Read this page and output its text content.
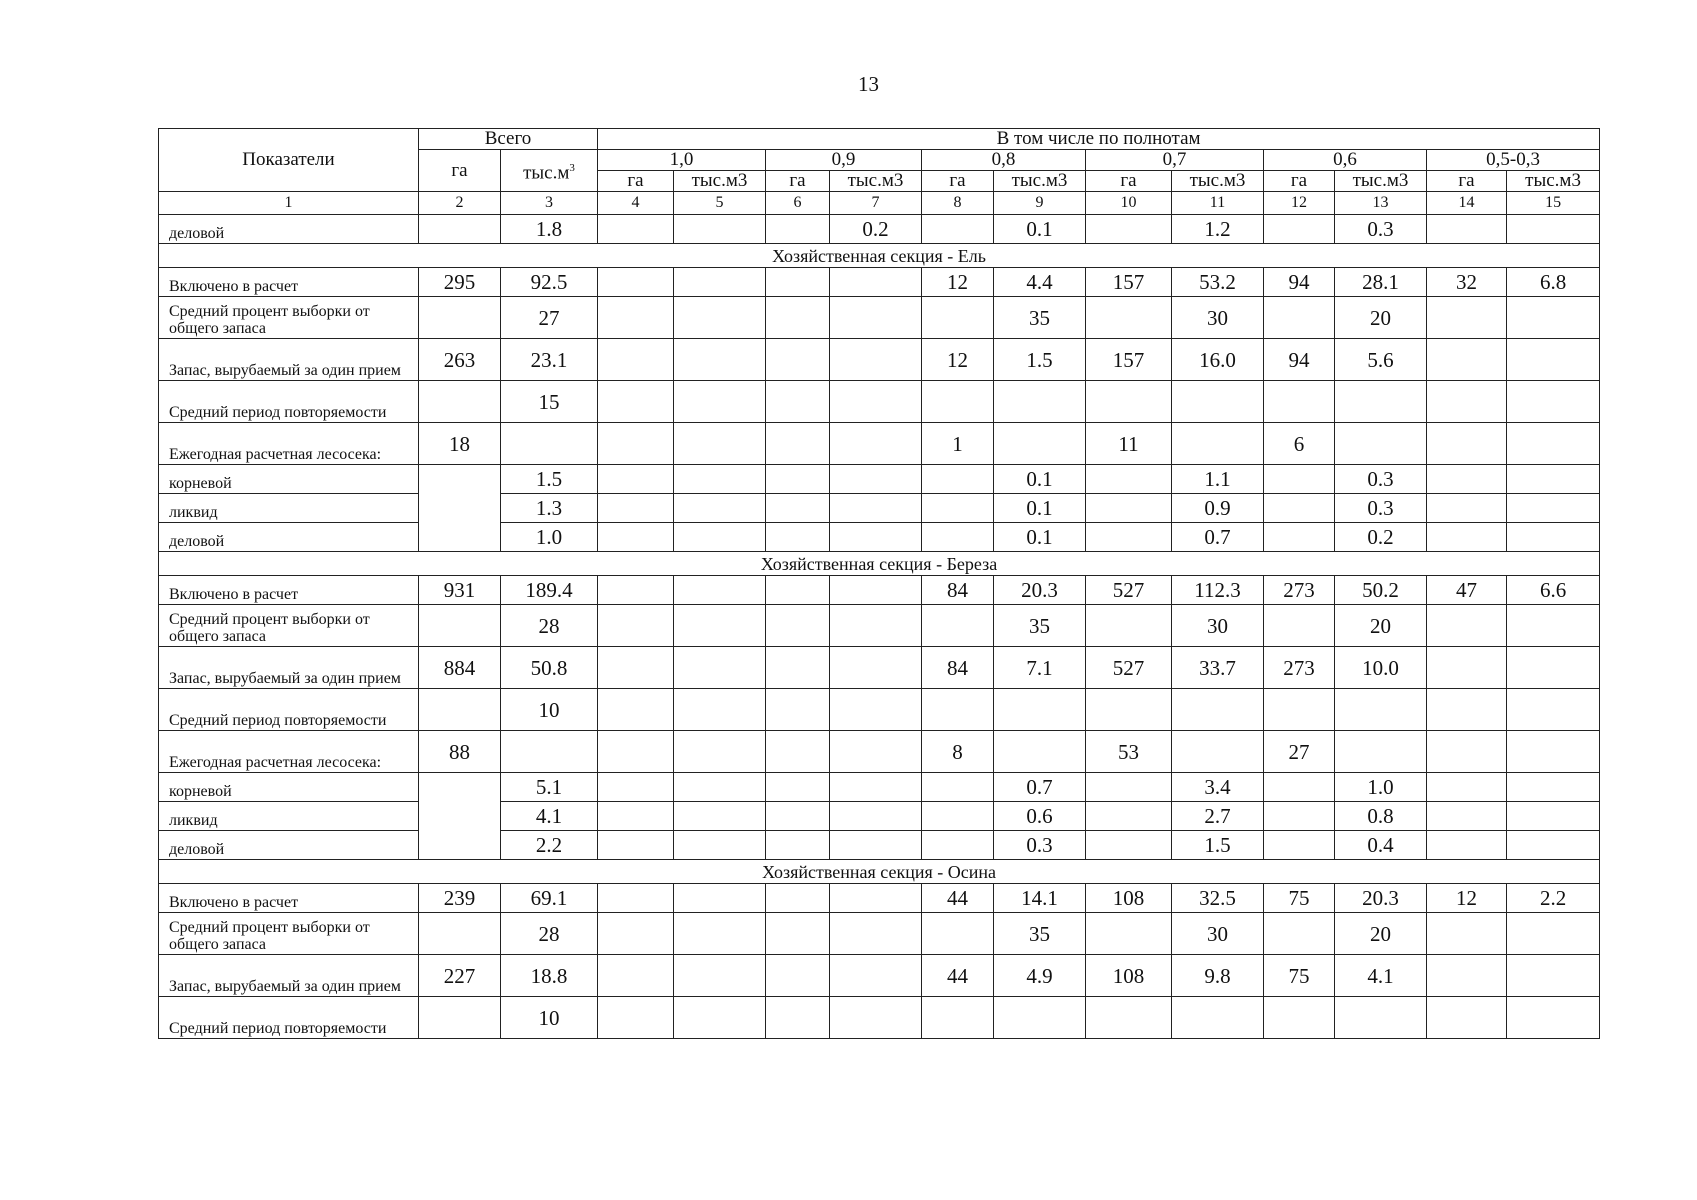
13
Показатели	Всего		В том числе по полнотам											
	га	$тыс.м^3$	1,0		0,9		0,8		0,7		0,6		0,5-0,3	
			га	тыс.м3	га	тыс.м3	га	тыс.м3	га	тыс.м3	га	тыс.м3	га	тыс.м3
1	2	3	4	5	6	7	8	9	10	11	12	13	14	15
деловой		1.8				0.2		0.1		1.2		0.3		
Хозяйственная секция - Ель														
Включено в расчет	295	92.5					12	4.4	157	53.2	94	28.1	32	6.8
Средний процент выборки от общего запаса		27						35		30		20		
Запас, вырубаемый за один прием	263	23.1					12	1.5	157	16.0	94	5.6		
Средний период повторяемости		15												
Ежегодная расчетная лесосека:	18						1		11		6			
корневой		1.5						0.1		1.1		0.3		
ликвид		1.3						0.1		0.9		0.3		
деловой		1.0						0.1		0.7		0.2		
Хозяйственная секция - Береза														
Включено в расчет	931	189.4					84	20.3	527	112.3	273	50.2	47	6.6
Средний процент выборки от общего запаса		28						35		30		20		
Запас, вырубаемый за один прием	884	50.8					84	7.1	527	33.7	273	10.0		
Средний период повторяемости		10												
Ежегодная расчетная лесосека:	88						8		53		27			
корневой		5.1						0.7		3.4		1.0		
ликвид		4.1						0.6		2.7		0.8		
деловой		2.2						0.3		1.5		0.4		
Хозяйственная секция - Осина														
Включено в расчет	239	69.1					44	14.1	108	32.5	75	20.3	12	2.2
Средний процент выборки от общего запаса		28						35		30		20		
Запас, вырубаемый за один прием	227	18.8					44	4.9	108	9.8	75	4.1		
Средний период повторяемости		10												
